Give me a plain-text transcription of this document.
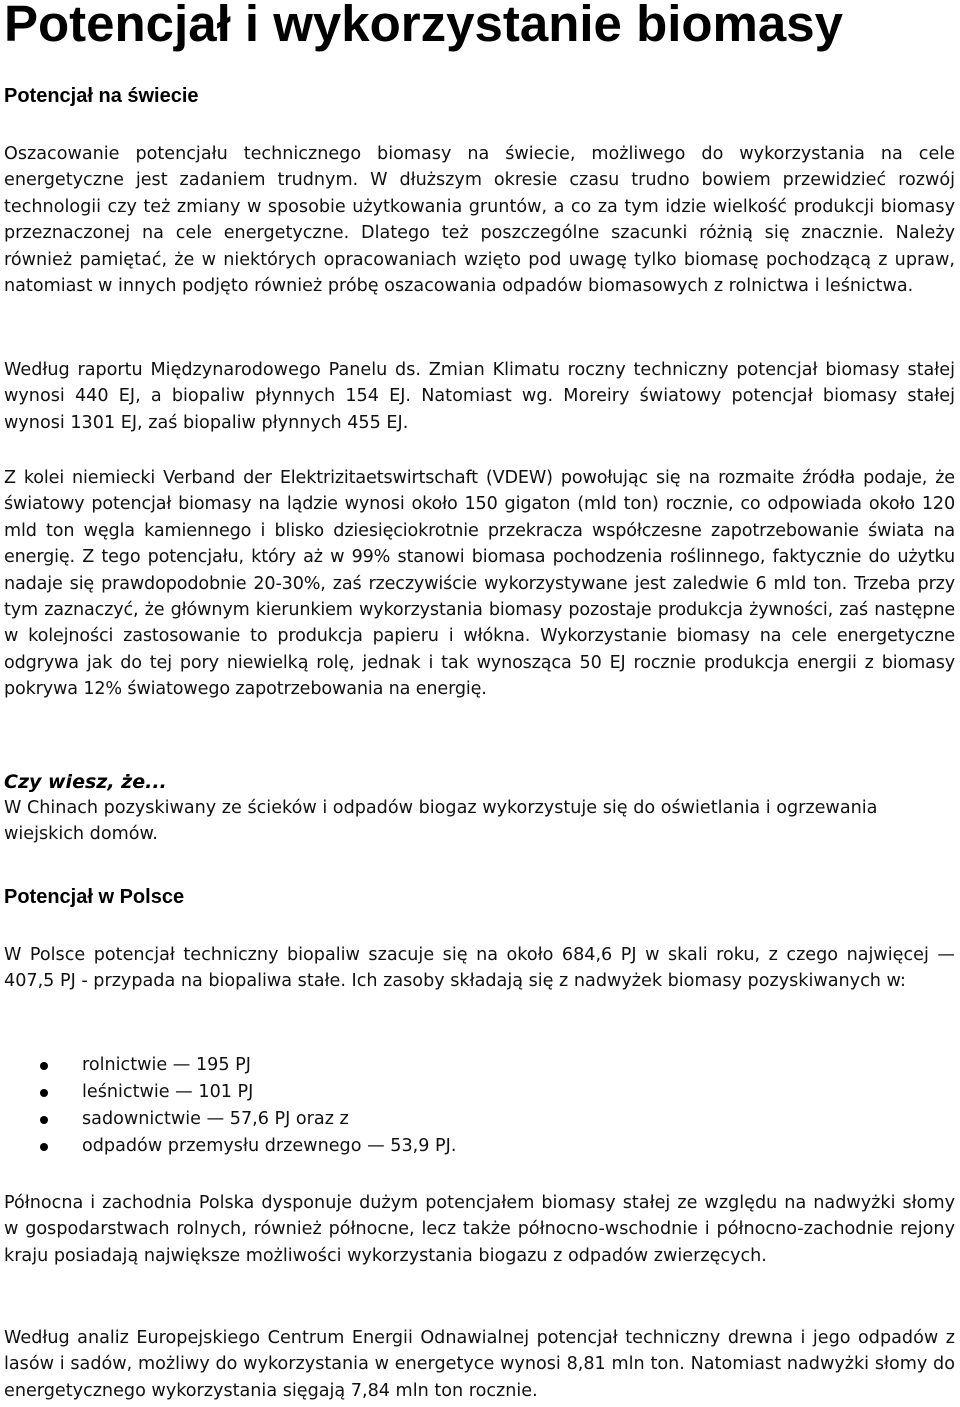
Potencjał i wykorzystanie biomasy
Potencjał na świecie

Oszacowanie potencjału technicznego biomasy na świecie, możliwego do wykorzystania na cele energetyczne jest zadaniem trudnym. W dłuższym okresie czasu trudno bowiem przewidzieć rozwój technologii czy też zmiany w sposobie użytkowania gruntów, a co za tym idzie wielkość produkcji biomasy przeznaczonej na cele energetyczne. Dlatego też poszczególne szacunki różnią się znacznie. Należy również pamiętać, że w niektórych opracowaniach wzięto pod uwagę tylko biomasę pochodzącą z upraw, natomiast w innych podjęto również próbę oszacowania odpadów biomasowych z rolnictwa i leśnictwa.

Według raportu Międzynarodowego Panelu ds. Zmian Klimatu roczny techniczny potencjał biomasy stałej wynosi 440 EJ, a biopaliw płynnych 154 EJ. Natomiast wg. Moreiry światowy potencjał biomasy stałej wynosi 1301 EJ, zaś biopaliw płynnych 455 EJ.

Z kolei niemiecki Verband der Elektrizitaetswirtschaft (VDEW) powołując się na rozmaite źródła podaje, że światowy potencjał biomasy na lądzie wynosi około 150 gigaton (mld ton) rocznie, co odpowiada około 120 mld ton węgla kamiennego i blisko dziesięciokrotnie przekracza współczesne zapotrzebowanie świata na energię. Z tego potencjału, który aż w 99% stanowi biomasa pochodzenia roślinnego, faktycznie do użytku nadaje się prawdopodobnie 20-30%, zaś rzeczywiście wykorzystywane jest zaledwie 6 mld ton. Trzeba przy tym zaznaczyć, że głównym kierunkiem wykorzystania biomasy pozostaje produkcja żywności, zaś następne w kolejności zastosowanie to produkcja papieru i włókna. Wykorzystanie biomasy na cele energetyczne odgrywa jak do tej pory niewielką rolę, jednak i tak wynosząca 50 EJ rocznie produkcja energii z biomasy pokrywa 12% światowego zapotrzebowania na energię.

Czy wiesz, że...

W Chinach pozyskiwany ze ścieków i odpadów biogaz wykorzystuje się do oświetlania i ogrzewania wiejskich domów.

Potencjał w Polsce

W Polsce potencjał techniczny biopaliw szacuje się na około 684,6 PJ w skali roku, z czego najwięcej — 407,5 PJ - przypada na biopaliwa stałe. Ich zasoby składają się z nadwyżek biomasy pozyskiwanych w:

rolnictwie — 195 PJ
leśnictwie — 101 PJ
sadownictwie — 57,6 PJ oraz z
odpadów przemysłu drzewnego — 53,9 PJ.

Północna i zachodnia Polska dysponuje dużym potencjałem biomasy stałej ze względu na nadwyżki słomy w gospodarstwach rolnych, również północne, lecz także północno-wschodnie i północno-zachodnie rejony kraju posiadają największe możliwości wykorzystania biogazu z odpadów zwierzęcych.

Według analiz Europejskiego Centrum Energii Odnawialnej potencjał techniczny drewna i jego odpadów z lasów i sadów, możliwy do wykorzystania w energetyce wynosi 8,81 mln ton. Natomiast nadwyżki słomy do energetycznego wykorzystania sięgają 7,84 mln ton rocznie.
